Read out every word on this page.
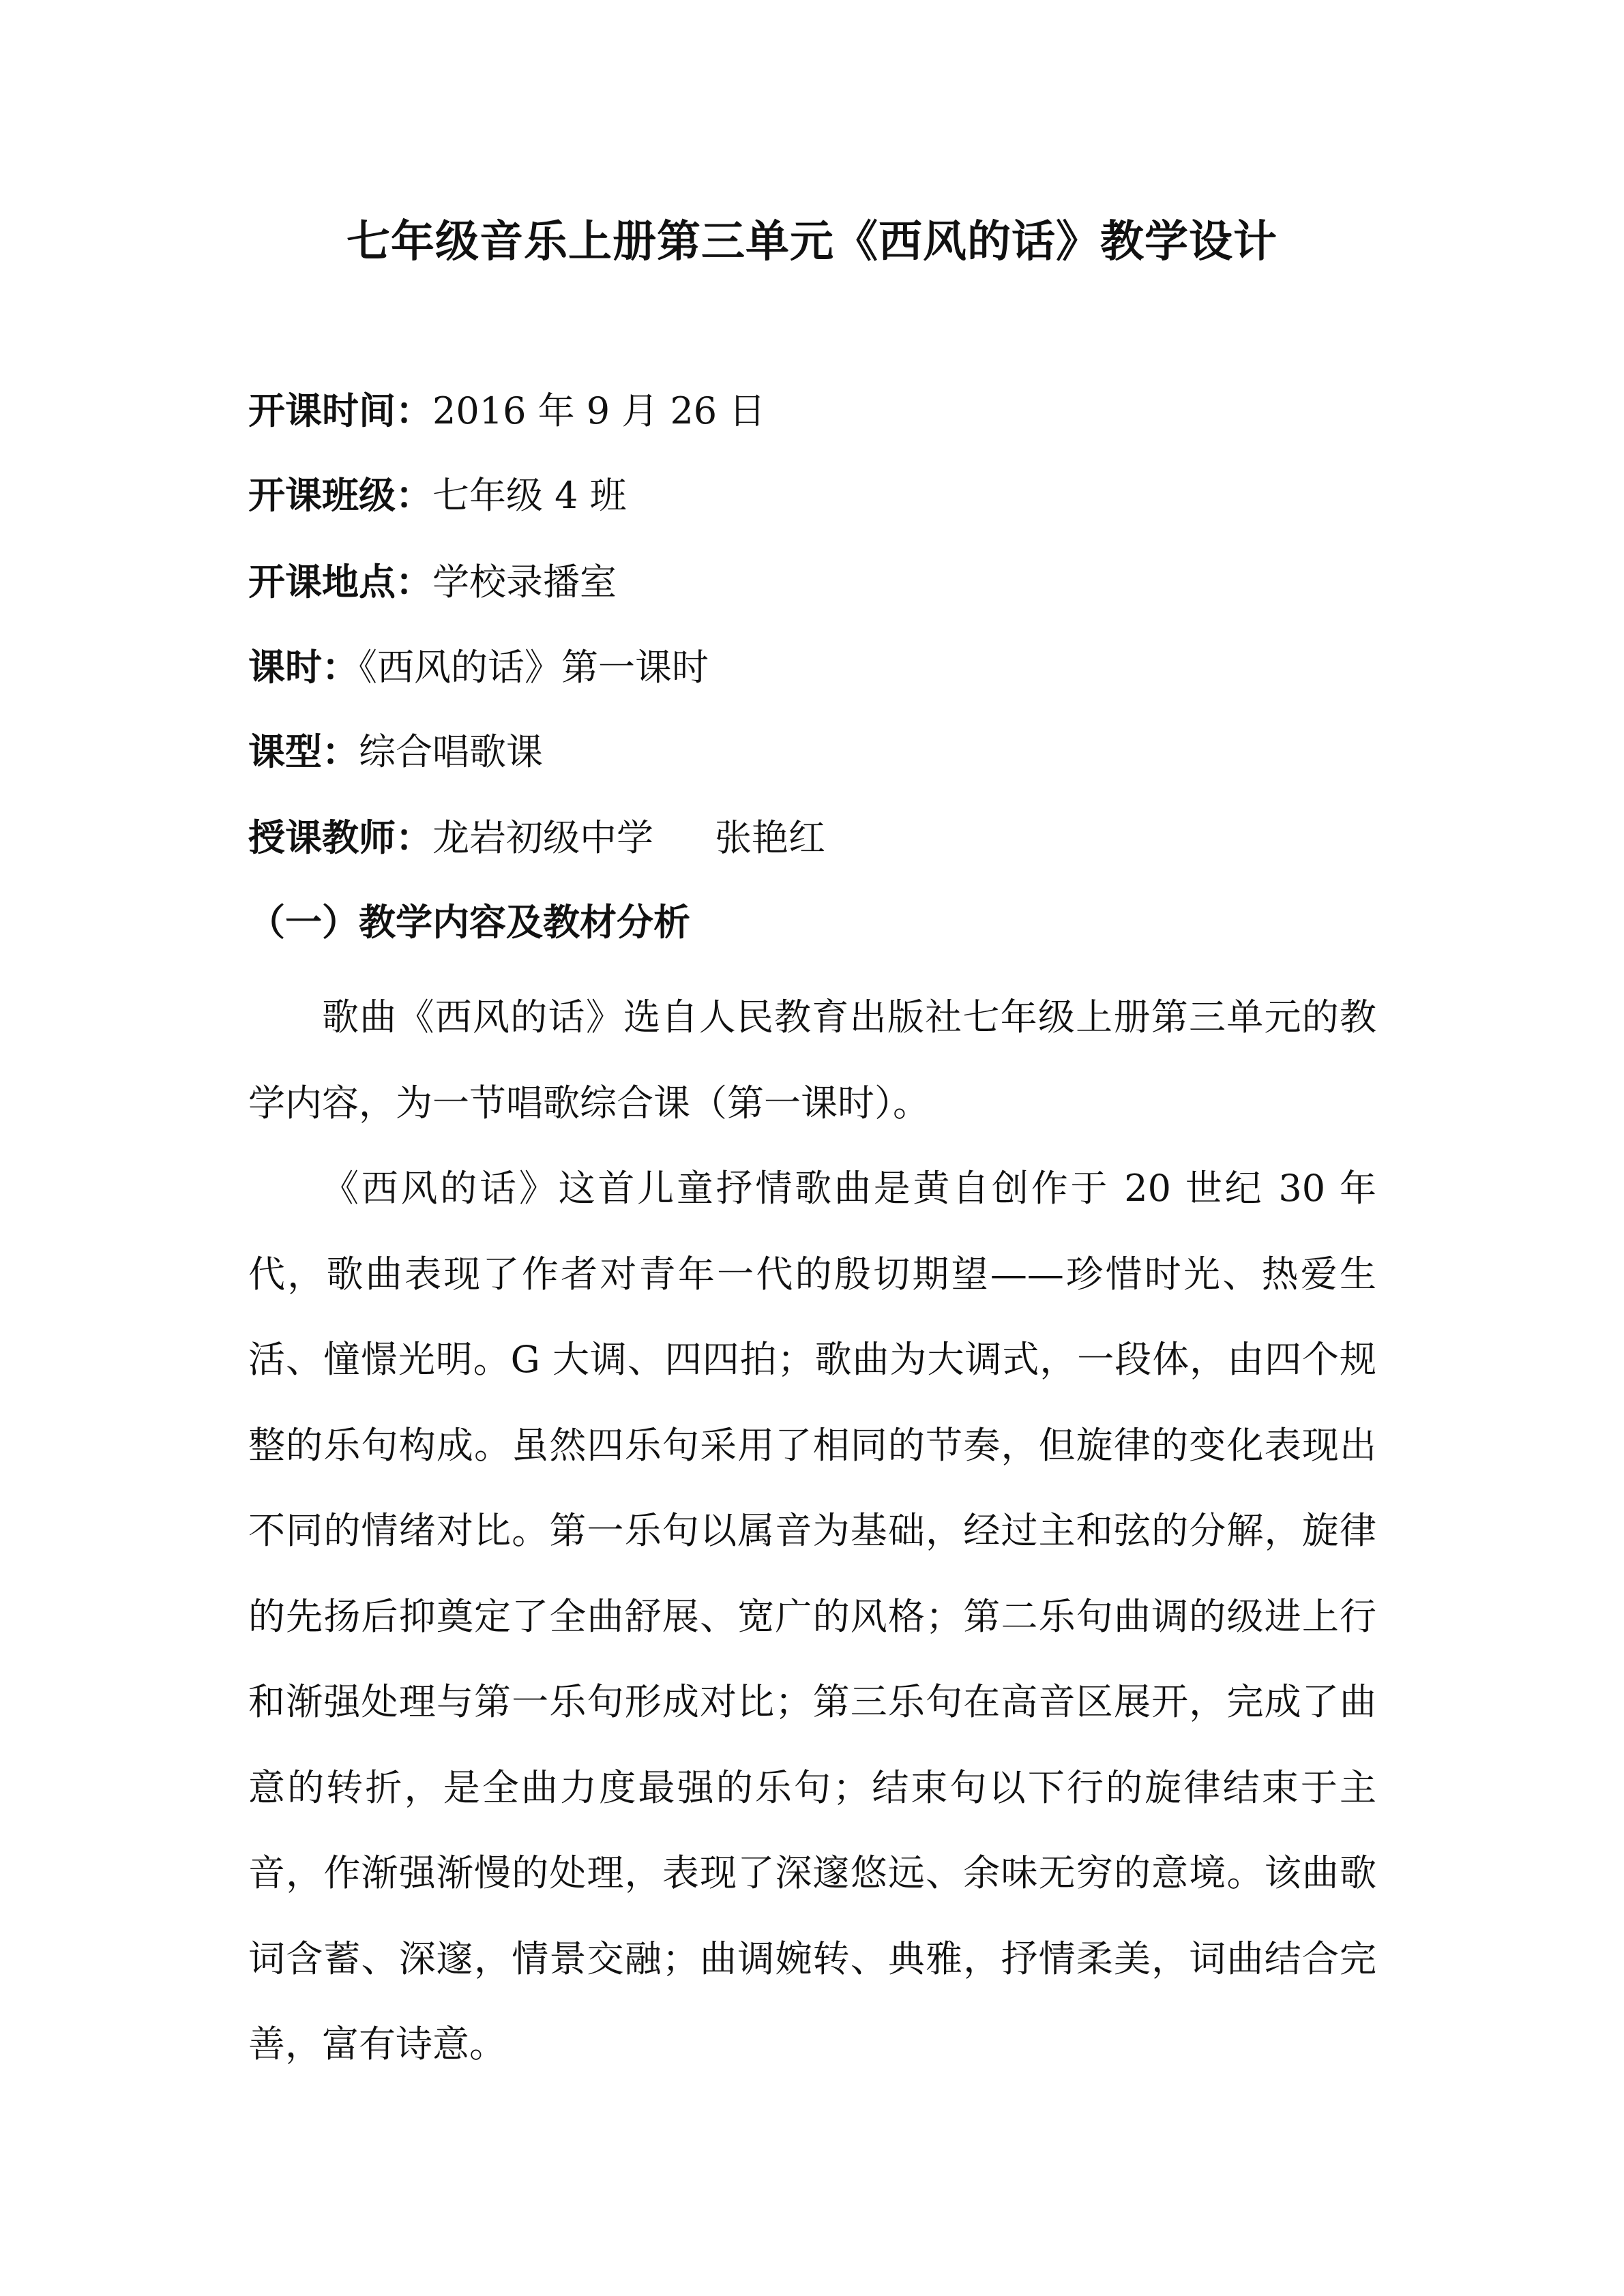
七年级音乐上册第三单元《西风的话》教学设计
开课时间：2016 年 9 月 26 日
开课班级：七年级 4 班
开课地点：学校录播室
课时：《西风的话》第一课时
课型：综合唱歌课
授课教师：龙岩初级中学 张艳红
（一）教学内容及教材分析

歌曲《西风的话》选自人民教育出版社七年级上册第三单元的教学内容，为一节唱歌综合课（第一课时）。

《西风的话》这首儿童抒情歌曲是黄自创作于 20 世纪 30 年代，歌曲表现了作者对青年一代的殷切期望——珍惜时光、热爱生活、憧憬光明。G 大调、四四拍；歌曲为大调式，一段体，由四个规整的乐句构成。虽然四乐句采用了相同的节奏，但旋律的变化表现出不同的情绪对比。第一乐句以属音为基础，经过主和弦的分解，旋律的先扬后抑奠定了全曲舒展、宽广的风格；第二乐句曲调的级进上行和渐强处理与第一乐句形成对比；第三乐句在高音区展开，完成了曲意的转折，是全曲力度最强的乐句；结束句以下行的旋律结束于主音，作渐强渐慢的处理，表现了深邃悠远、余味无穷的意境。该曲歌词含蓄、深邃，情景交融；曲调婉转、典雅，抒情柔美，词曲结合完善，富有诗意。
